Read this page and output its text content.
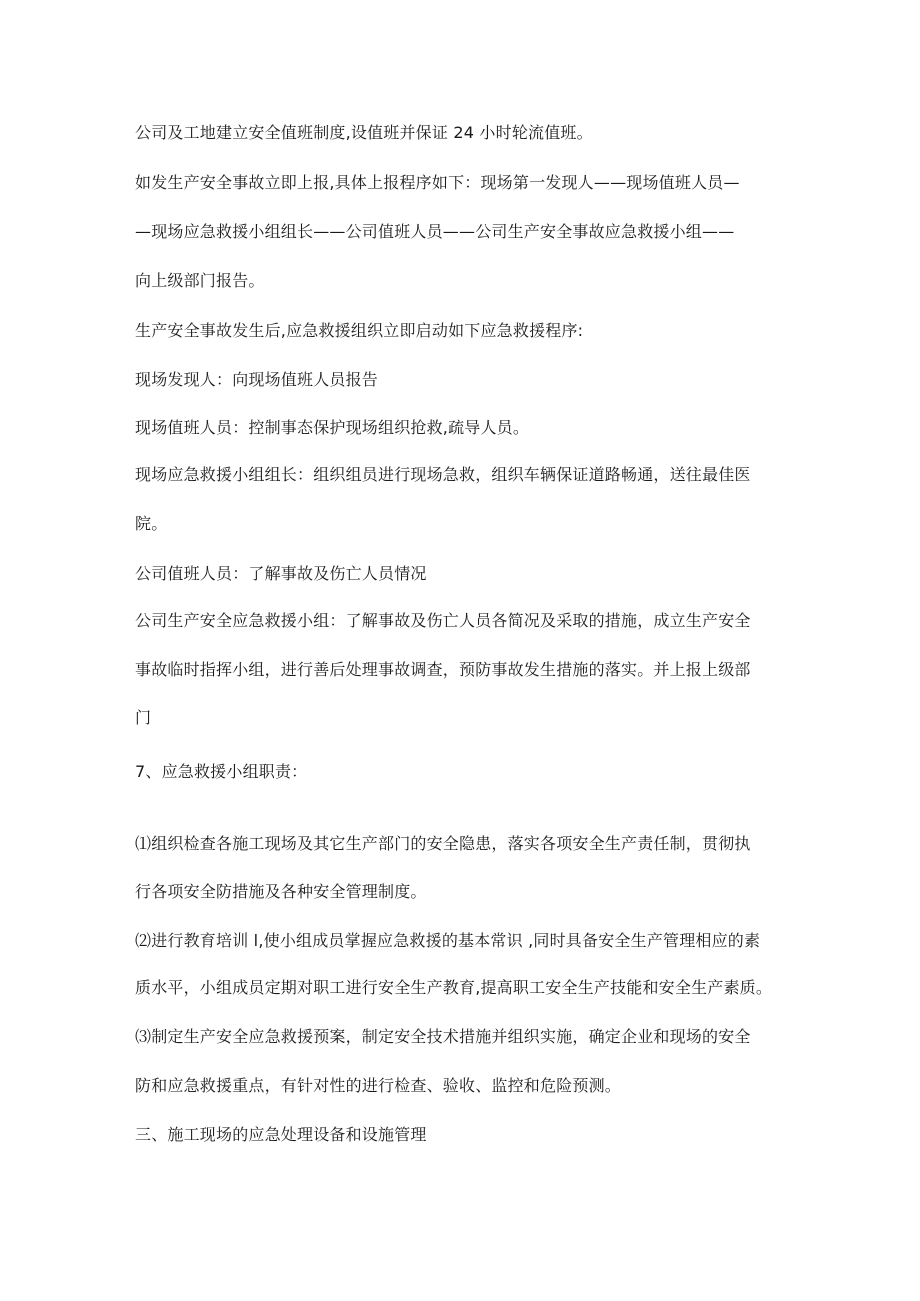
公司及工地建立安全值班制度,设值班并保证 24 小时轮流值班。
如发生产安全事故立即上报,具体上报程序如下：现场第一发现人——现场值班人员—
—现场应急救援小组组长——公司值班人员——公司生产安全事故应急救援小组——
向上级部门报告。
生产安全事故发生后,应急救援组织立即启动如下应急救援程序:
现场发现人：向现场值班人员报告
现场值班人员：控制事态保护现场组织抢救,疏导人员。
现场应急救援小组组长：组织组员进行现场急救，组织车辆保证道路畅通，送往最佳医
院。
公司值班人员：了解事故及伤亡人员情况
公司生产安全应急救援小组：了解事故及伤亡人员各简况及采取的措施，成立生产安全
事故临时指挥小组，进行善后处理事故调查，预防事故发生措施的落实。并上报上级部
门
7、应急救援小组职责：
⑴组织检查各施工现场及其它生产部门的安全隐患，落实各项安全生产责任制，贯彻执
行各项安全防措施及各种安全管理制度。
⑵进行教育培训 l,使小组成员掌握应急救援的基本常识 ,同时具备安全生产管理相应的素
质水平，小组成员定期对职工进行安全生产教育,提高职工安全生产技能和安全生产素质。
⑶制定生产安全应急救援预案，制定安全技术措施并组织实施，确定企业和现场的安全
防和应急救援重点，有针对性的进行检查、验收、监控和危险预测。
三、施工现场的应急处理设备和设施管理
